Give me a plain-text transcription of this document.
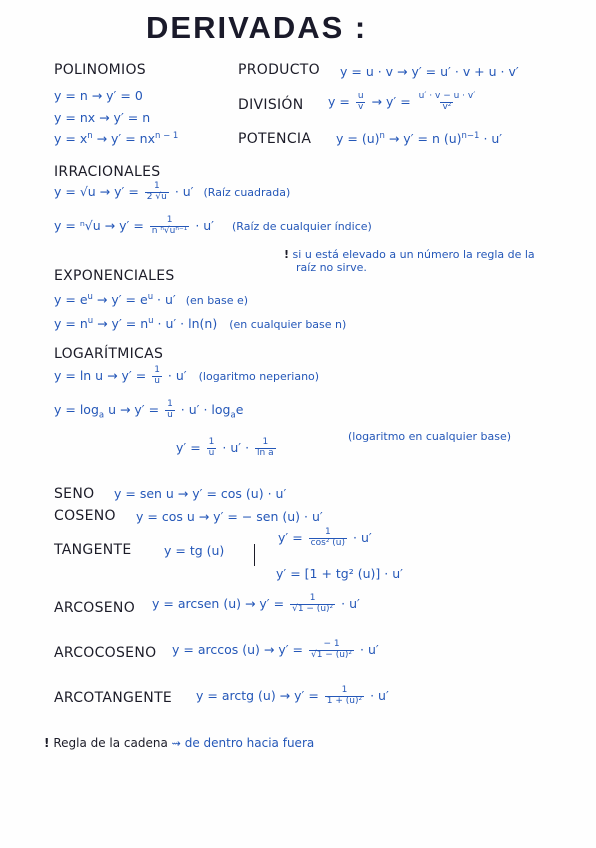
DERIVADAS :
POLINOMIOS
y = n → y′ = 0
y = nx → y′ = n
$y = x^n \to y' = nx^{n - 1}$
PRODUCTO y = u · v → y′ = u′ · v + u · v′
DIVISIÓN $y = \frac{u}{v} \to y' = \frac{u' \cdot v - u \cdot v'}{\text{v²}}$
POTENCIA $y = (u)^n \to y' = n$ $(u)^{n-1} \cdot u'$
IRRACIONALES
$y = √u \to y' = \frac{1}{2 √u} \cdot u'$ (Raíz cuadrada)
$y = ^n√u \to y' = \frac{1}{\text{n ⁿ√uⁿ⁻¹}} \cdot u'$ (Raíz de cualquier índice)
! si u está elevado a un número la regla de la
raíz no sirve.
EXPONENCIALES
$y = e^u \to y' = e^u \cdot u'$ (en base e)
$y = n^u \to y' = n^u \cdot u' \cdot \ln(n)$ (en cualquier base n)
LOGARÍTMICAS
$y = \ln u \to y' = \frac{1}{u} \cdot u'$ (logaritmo neperiano)
$y = \log_a u \to y' = \frac{1}{u} \cdot u' \cdot \log_ae$
$y' = \frac{1}{u} \cdot u' \cdot \frac{1}{\text{ln a}}$
(logaritmo en cualquier base)
SENO y = sen u → y′ = cos (u) · u′
COSENO y = cos u → y′ = − sen (u) · u′
TANGENTE	y = tg (u)
$y' = \frac{1}{\text{cos² (u)}} \cdot u'$
y′ = [1 + tg² (u)] · u′
ARCOSENO y = arcsen $(u) \to y' = \frac{1}{\text{√1 − (u)²}} \cdot u'$
ARCOCOSENO $y = \arccos (u) \to y' = \frac{- 1}{\text{√1 − (u)²}} \cdot u'$
ARCOTANGENTE y = arctg $(u) \to y' = \frac{1}{\text{1 + (u)²}} \cdot u'$
! Regla de la cadena ⇝ de dentro hacia fuera
